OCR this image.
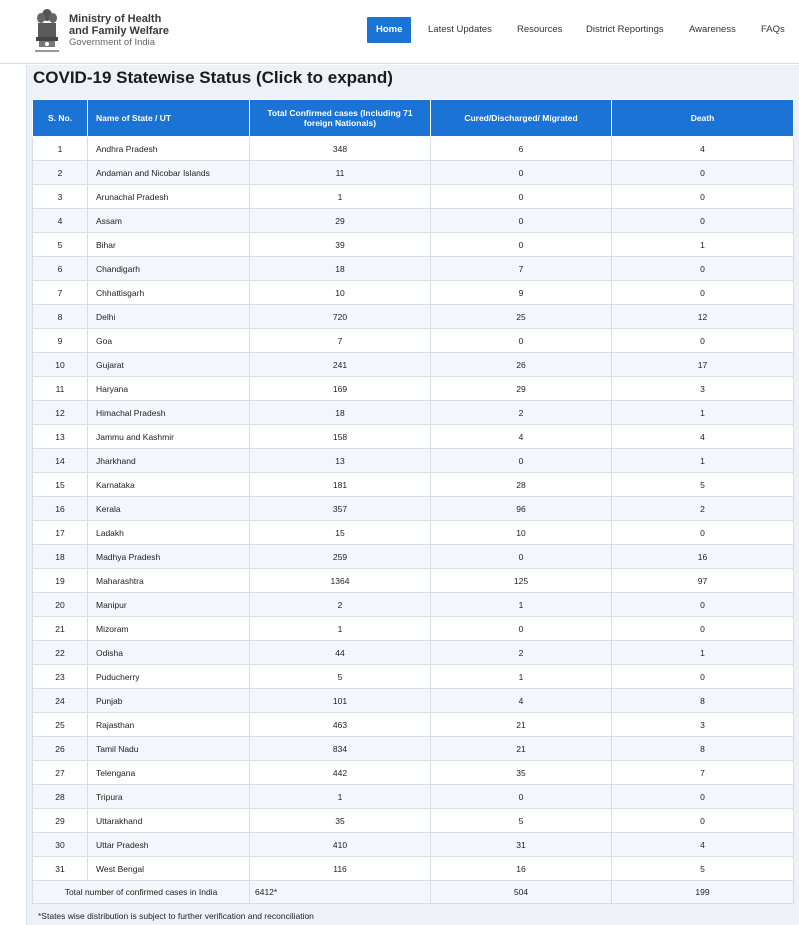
Ministry of Health
and Family Welfare
Government of India
Home	Latest Updates	Resources District Reportings	Awareness	FAQs
COVID-19 Statewise Status (Click to expand)
S. No.	Name of State / UT	Total Confirmed cases (Including 71 foreign Nationals)	Cured/Discharged/ Migrated	Death
1	Andhra Pradesh	348	6	4
2	Andaman and Nicobar Islands	11	0	0
3	Arunachal Pradesh	1	0	0
4	Assam	29	0	0
5	Bihar	39	0	1
6	Chandigarh	18	7	0
7	Chhattisgarh	10	9	0
8	Delhi	720	25	12
9	Goa	7	0	0
10	Gujarat	241	26	17
11	Haryana	169	29	3
12	Himachal Pradesh	18	2	1
13	Jammu and Kashmir	158	4	4
14	Jharkhand	13	0	1
15	Karnataka	181	28	5
16	Kerala	357	96	2
17	Ladakh	15	10	0
18	Madhya Pradesh	259	0	16
19	Maharashtra	1364	125	97
20	Manipur	2	1	0
21	Mizoram	1	0	0
22	Odisha	44	2	1
23	Puducherry	5	1	0
24	Punjab	101	4	8
25	Rajasthan	463	21	3
26	Tamil Nadu	834	21	8
27	Telengana	442	35	7
28	Tripura	1	0	0
29	Uttarakhand	35	5	0
30	Uttar Pradesh	410	31	4
31	West Bengal	116	16	5
Total number of confirmed cases in India		6412*	504	199
*States wise distribution is subject to further verification and reconciliation
